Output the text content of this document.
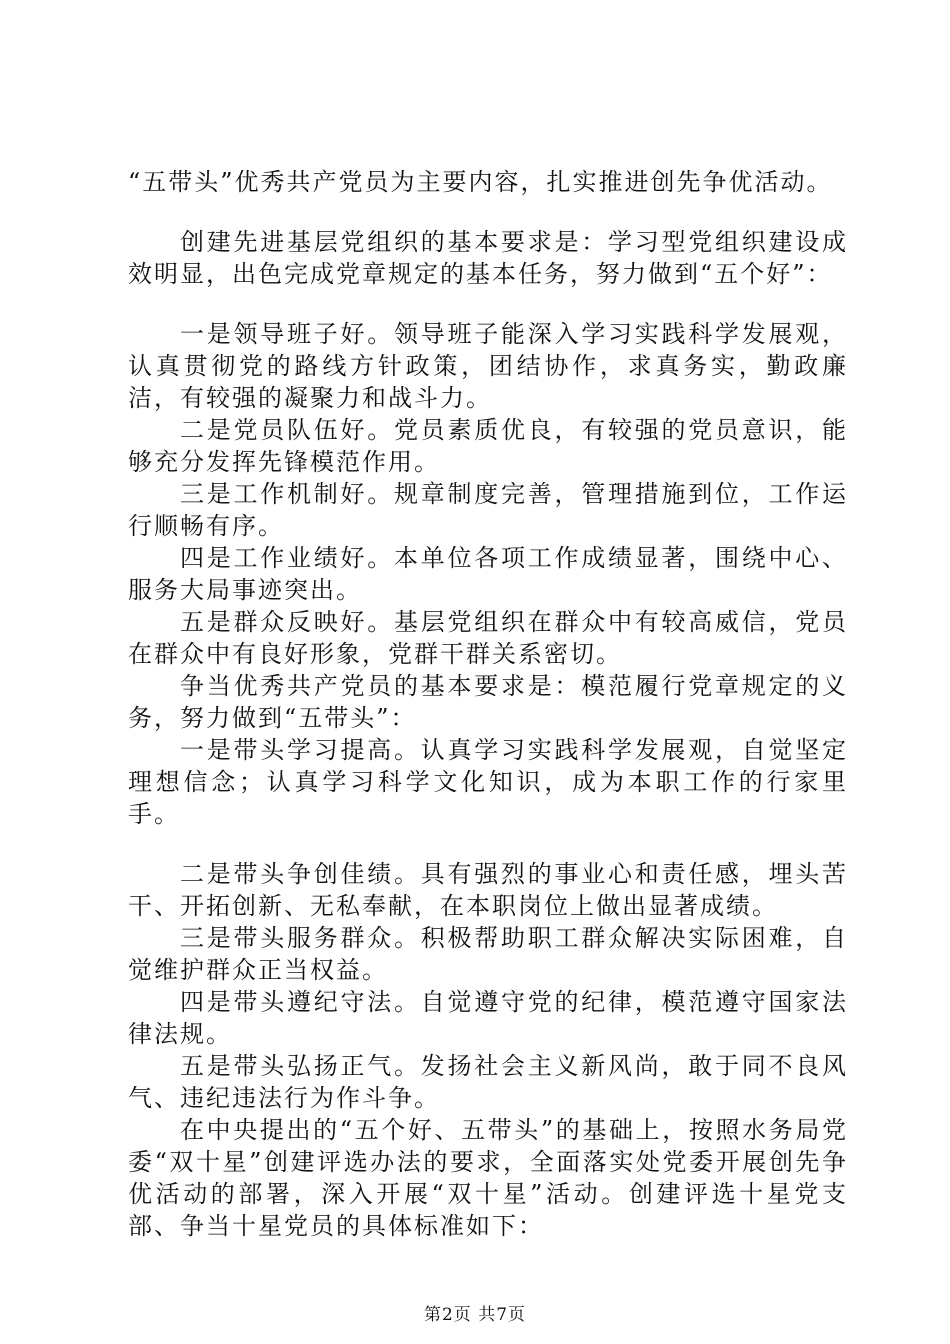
“五带头”优秀共产党员为主要内容，扎实推进创先争优活动。

创建先进基层党组织的基本要求是：学习型党组织建设成效明显，出色完成党章规定的基本任务，努力做到“五个好”：

一是领导班子好。领导班子能深入学习实践科学发展观，认真贯彻党的路线方针政策，团结协作，求真务实，勤政廉洁，有较强的凝聚力和战斗力。

二是党员队伍好。党员素质优良，有较强的党员意识，能够充分发挥先锋模范作用。

三是工作机制好。规章制度完善，管理措施到位，工作运行顺畅有序。

四是工作业绩好。本单位各项工作成绩显著，围绕中心、服务大局事迹突出。

五是群众反映好。基层党组织在群众中有较高威信，党员在群众中有良好形象，党群干群关系密切。

争当优秀共产党员的基本要求是：模范履行党章规定的义务，努力做到“五带头”：

一是带头学习提高。认真学习实践科学发展观，自觉坚定理想信念；认真学习科学文化知识，成为本职工作的行家里手。

二是带头争创佳绩。具有强烈的事业心和责任感，埋头苦干、开拓创新、无私奉献，在本职岗位上做出显著成绩。

三是带头服务群众。积极帮助职工群众解决实际困难，自觉维护群众正当权益。

四是带头遵纪守法。自觉遵守党的纪律，模范遵守国家法律法规。

五是带头弘扬正气。发扬社会主义新风尚，敢于同不良风气、违纪违法行为作斗争。

在中央提出的“五个好、五带头”的基础上，按照水务局党委“双十星”创建评选办法的要求，全面落实处党委开展创先争优活动的部署，深入开展“双十星”活动。创建评选十星党支部、争当十星党员的具体标准如下：

第2页 共7页
